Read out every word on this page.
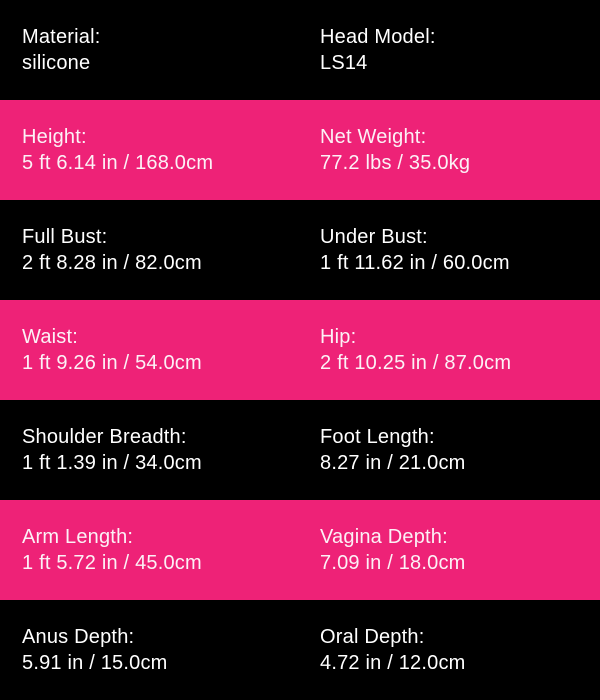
Material:
silicone
Head Model:
LS14
Height:
5 ft 6.14 in / 168.0cm
Net Weight:
77.2 lbs / 35.0kg
Full Bust:
2 ft 8.28 in / 82.0cm
Under Bust:
1 ft 11.62 in / 60.0cm
Waist:
1 ft 9.26 in / 54.0cm
Hip:
2 ft 10.25 in / 87.0cm
Shoulder Breadth:
1 ft 1.39 in / 34.0cm
Foot Length:
8.27 in / 21.0cm
Arm Length:
1 ft 5.72 in / 45.0cm
Vagina Depth:
7.09 in / 18.0cm
Anus Depth:
5.91 in / 15.0cm
Oral Depth:
4.72 in / 12.0cm
